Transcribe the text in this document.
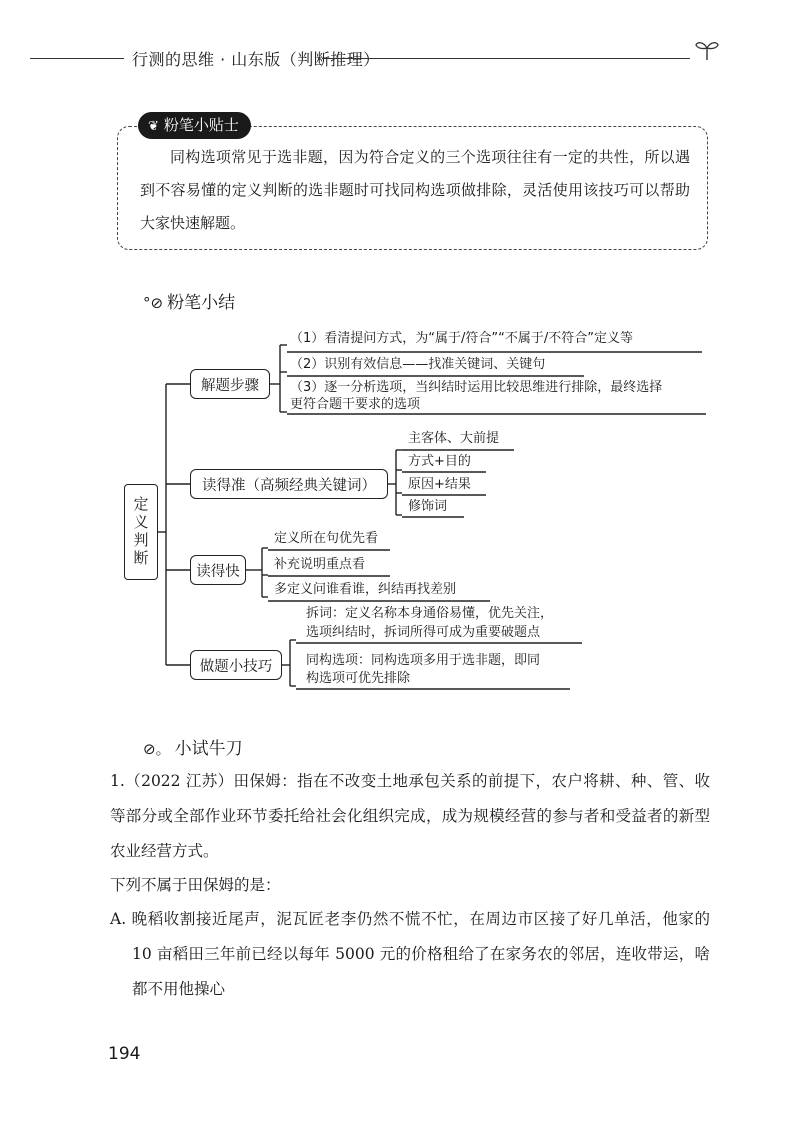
行测的思维 · 山东版（判断推理）
❦ 粉笔小贴士
同构选项常见于选非题，因为符合定义的三个选项往往有一定的共性，所以遇到不容易懂的定义判断的选非题时可找同构选项做排除，灵活使用该技巧可以帮助大家快速解题。
°⊘ 粉笔小结
定义判断
解题步骤
读得准（高频经典关键词）
读得快
做题小技巧
（1）看清提问方式，为“属于/符合”“不属于/不符合”定义等
（2）识别有效信息——找准关键词、关键句
（3）逐一分析选项，当纠结时运用比较思维进行排除，最终选择
更符合题干要求的选项
主客体、大前提
方式+目的
原因+结果
修饰词
定义所在句优先看
补充说明重点看
多定义问谁看谁，纠结再找差别
拆词：定义名称本身通俗易懂，优先关注，
选项纠结时，拆词所得可成为重要破题点
同构选项：同构选项多用于选非题，即同
构选项可优先排除
⊘。 小试牛刀
1.（2022 江苏）田保姆：指在不改变土地承包关系的前提下，农户将耕、种、管、收等部分或全部作业环节委托给社会化组织完成，成为规模经营的参与者和受益者的新型农业经营方式。
下列不属于田保姆的是：
A. 晚稻收割接近尾声，泥瓦匠老李仍然不慌不忙，在周边市区接了好几单活，他家的 10 亩稻田三年前已经以每年 5000 元的价格租给了在家务农的邻居，连收带运，啥都不用他操心
194
